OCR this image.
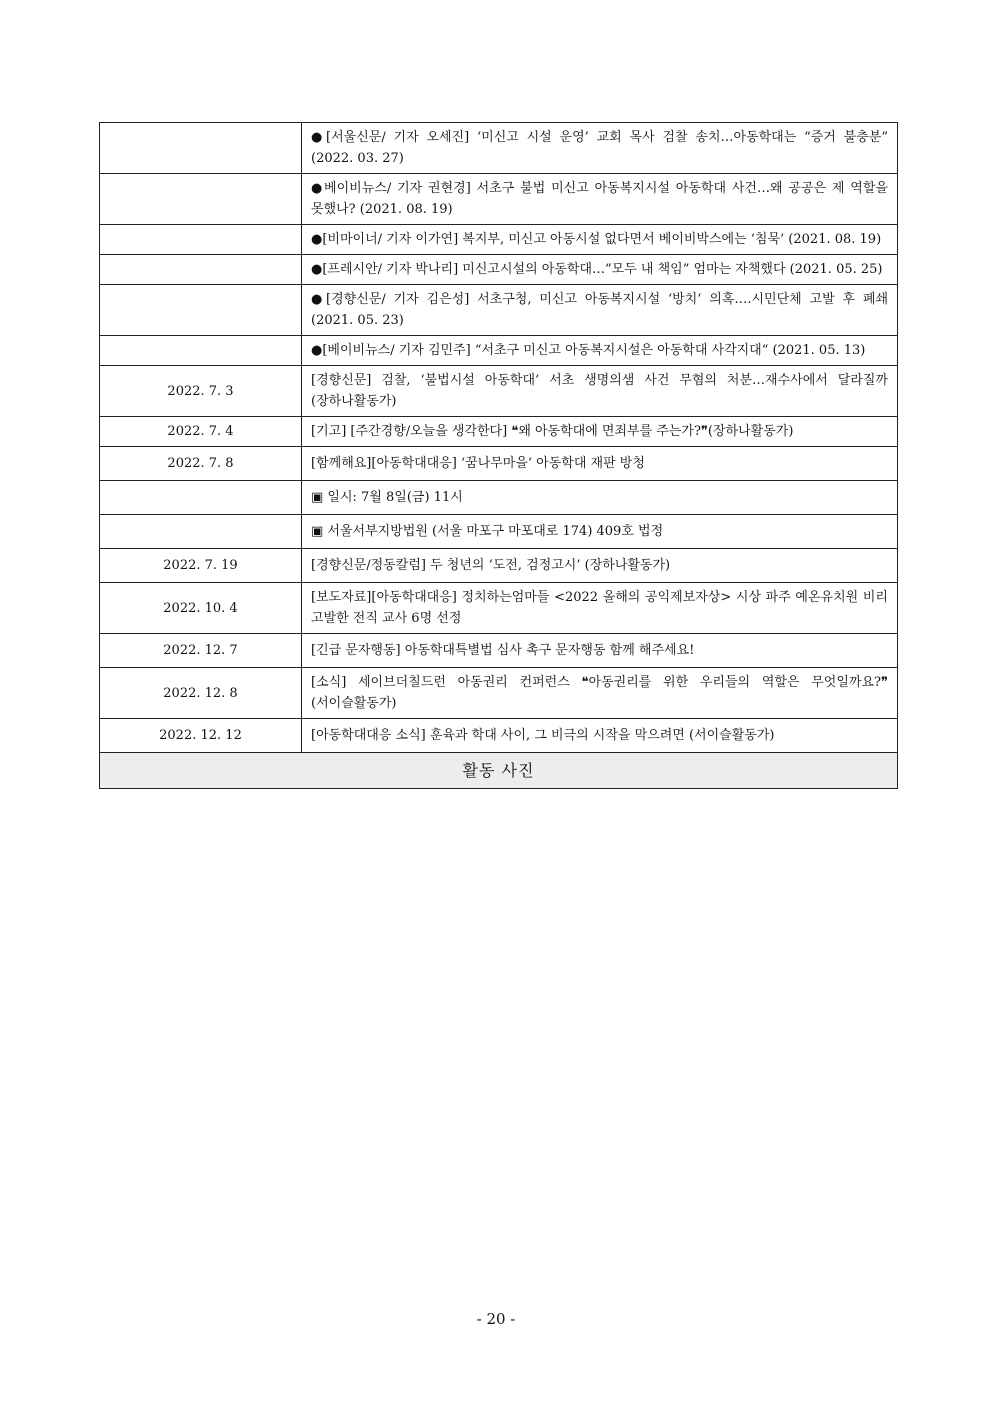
	●[서울신문/ 기자 오세진] ‘미신고 시설 운영’ 교회 목사 검찰 송치…아동학대는 “증거 불충분” (2022. 03. 27)
	●베이비뉴스/ 기자 권현경] 서초구 불법 미신고 아동복지시설 아동학대 사건…왜 공공은 제 역할을 못했나? (2021. 08. 19)
	●[비마이너/ 기자 이가연] 복지부, 미신고 아동시설 없다면서 베이비박스에는 ‘침묵’ (2021. 08. 19)
	●[프레시안/ 기자 박나리] 미신고시설의 아동학대…“모두 내 책임” 엄마는 자책했다 (2021. 05. 25)
	●[경향신문/ 기자 김은성] 서초구청, 미신고 아동복지시설 ‘방치‘ 의혹….시민단체 고발 후 폐쇄 (2021. 05. 23)
	●[베이비뉴스/ 기자 김민주] “서초구 미신고 아동복지시설은 아동학대 사각지대“ (2021. 05. 13)
2022. 7. 3	[경향신문] 검찰, ‘불법시설 아동학대‘ 서초 생명의샘 사건 무혐의 처분…재수사에서 달라질까 (장하나활동가)
2022. 7. 4	[기고] [주간경향/오늘을 생각한다] ❝왜 아동학대에 면죄부를 주는가?❞(장하나활동가)
2022. 7. 8	[함께해요][아동학대대응] ‘꿈나무마을‘ 아동학대 재판 방청
	▣ 일시: 7월 8일(금) 11시
	▣ 서울서부지방법원 (서울 마포구 마포대로 174) 409호 법정
2022. 7. 19	[경향신문/정동칼럼] 두 청년의 ‘도전, 검정고시’ (장하나활동가)
2022. 10. 4	[보도자료][아동학대대응] 정치하는엄마들 <2022 올해의 공익제보자상> 시상 파주 예온유치원 비리 고발한 전직 교사 6명 선정
2022. 12. 7	[긴급 문자행동] 아동학대특별법 심사 촉구 문자행동 함께 해주세요!
2022. 12. 8	[소식] 세이브더칠드런 아동권리 컨퍼런스 ❝아동권리를 위한 우리들의 역할은 무엇일까요?❞ (서이슬활동가)
2022. 12. 12	[아동학대대응 소식] 훈육과 학대 사이, 그 비극의 시작을 막으려면 (서이슬활동가)
활동 사진	
- 20 -
